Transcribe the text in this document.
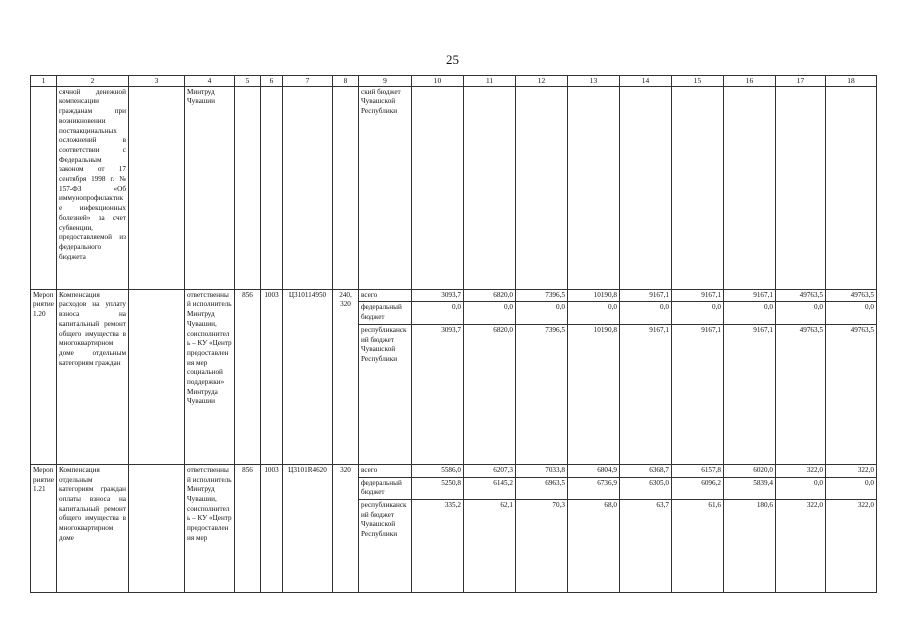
25
1	2	3	4	5	6	7	8	9	10	11	12	13	14	15	16	17	18
	сячной денежной компенсации гражданам при возникновении поствакцинальных осложнений в соответствии с Федеральным законом от 17 сентября 1998 г. № 157-ФЗ «Об иммунопрофилактике инфекционных болезней» за счет субвенции, предоставляемой из федерального бюджета		Минтруд Чувашии					ский бюджет Чувашской Республики									
Мероприятие 1.20	Компенсация расходов на уплату взноса на капитальный ремонт общего имущества в многоквартирном доме отдельным категориям граждан		ответственный исполнитель Минтруд Чувашии, соисполнитель – КУ «Центр предоставления мер социальной поддержки» Минтруда Чувашии	856	1003	Ц310114950	240, 320	всего	3093,7	6820,0	7396,5	10190,8	9167,1	9167,1	9167,1	49763,5	49763,5
								федеральный бюджет	0,0	0,0	0,0	0,0	0,0	0,0	0,0	0,0	0,0
								республиканский бюджет Чувашской Республики	3093,7	6820,0	7396,5	10190,8	9167,1	9167,1	9167,1	49763,5	49763,5
Мероприятие 1.21	Компенсация отдельным категориям граждан оплаты взноса на капитальный ремонт общего имущества в многоквартирном доме		ответственный исполнитель Минтруд Чувашии, соисполнитель – КУ «Центр предоставления мер	856	1003	Ц3101R4620	320	всего	5586,0	6207,3	7033,8	6804,9	6368,7	6157,8	6020,0	322,0	322,0
								федеральный бюджет	5250,8	6145,2	6963,5	6736,9	6305,0	6096,2	5839,4	0,0	0,0
								республиканский бюджет Чувашской Республики	335,2	62,1	70,3	68,0	63,7	61,6	180,6	322,0	322,0
